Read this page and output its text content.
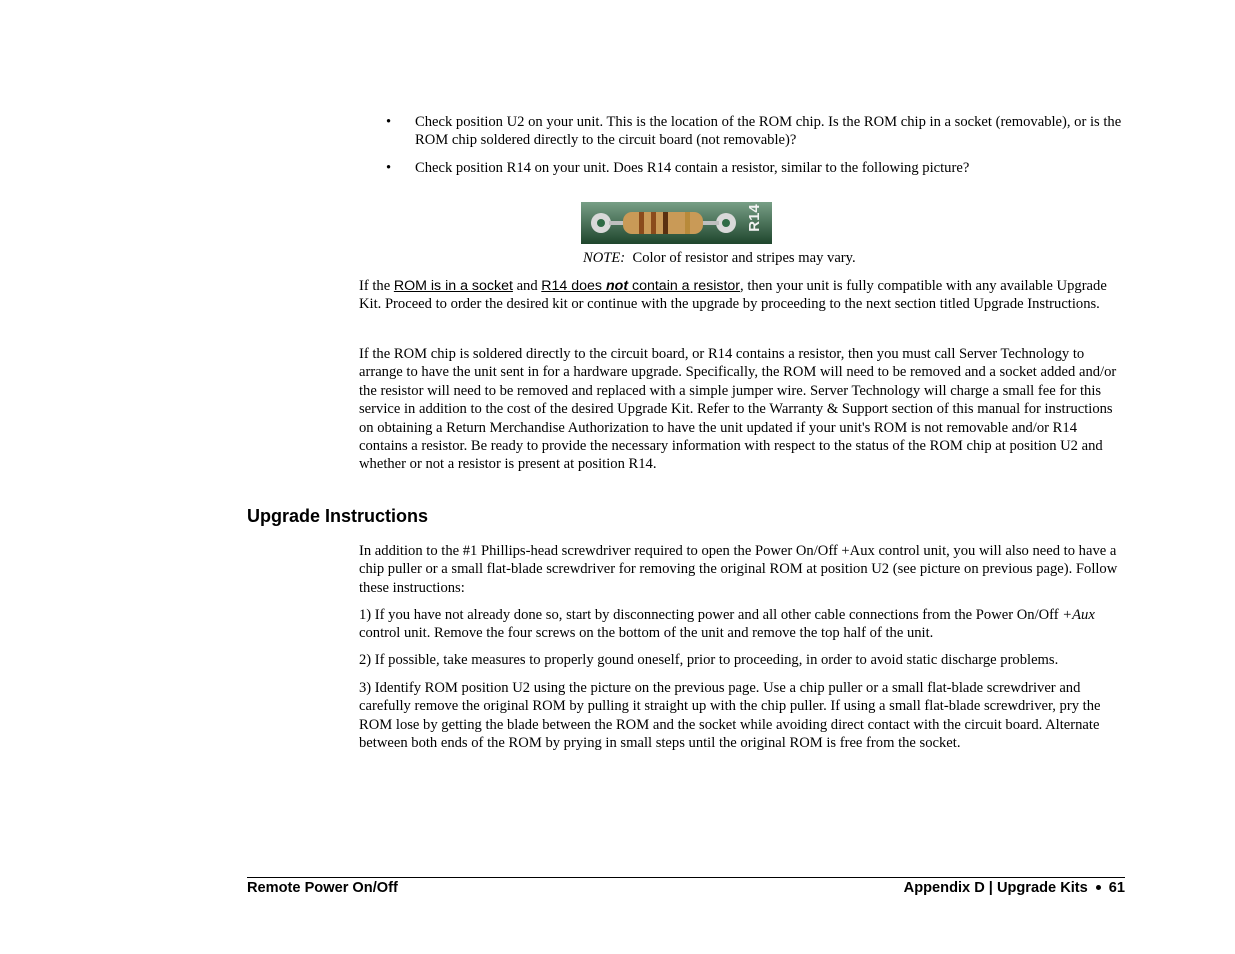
• Check position U2 on your unit. This is the location of the ROM chip. Is the ROM chip in a socket (removable), or is the ROM chip soldered directly to the circuit board (not removable)?
• Check position R14 on your unit. Does R14 contain a resistor, similar to the following picture?
R14
NOTE: Color of resistor and stripes may vary.
If the ROM is in a socket and R14 does not contain a resistor, then your unit is fully compatible with any available Upgrade Kit. Proceed to order the desired kit or continue with the upgrade by proceeding to the next section titled Upgrade Instructions.
If the ROM chip is soldered directly to the circuit board, or R14 contains a resistor, then you must call Server Technology to arrange to have the unit sent in for a hardware upgrade. Specifically, the ROM will need to be removed and a socket added and/or the resistor will need to be removed and replaced with a simple jumper wire. Server Technology will charge a small fee for this service in addition to the cost of the desired Upgrade Kit. Refer to the Warranty & Support section of this manual for instructions on obtaining a Return Merchandise Authorization to have the unit updated if your unit's ROM is not removable and/or R14 contains a resistor. Be ready to provide the necessary information with respect to the status of the ROM chip at position U2 and whether or not a resistor is present at position R14.
Upgrade Instructions
In addition to the #1 Phillips-head screwdriver required to open the Power On/Off +Aux control unit, you will also need to have a chip puller or a small flat-blade screwdriver for removing the original ROM at position U2 (see picture on previous page). Follow these instructions:
1) If you have not already done so, start by disconnecting power and all other cable connections from the Power On/Off +Aux control unit. Remove the four screws on the bottom of the unit and remove the top half of the unit.
2) If possible, take measures to properly gound oneself, prior to proceeding, in order to avoid static discharge problems.
3) Identify ROM position U2 using the picture on the previous page. Use a chip puller or a small flat-blade screwdriver and carefully remove the original ROM by pulling it straight up with the chip puller. If using a small flat-blade screwdriver, pry the ROM lose by getting the blade between the ROM and the socket while avoiding direct contact with the circuit board. Alternate between both ends of the ROM by prying in small steps until the original ROM is free from the socket.
Remote Power On/Off	Appendix D | Upgrade Kits 61
